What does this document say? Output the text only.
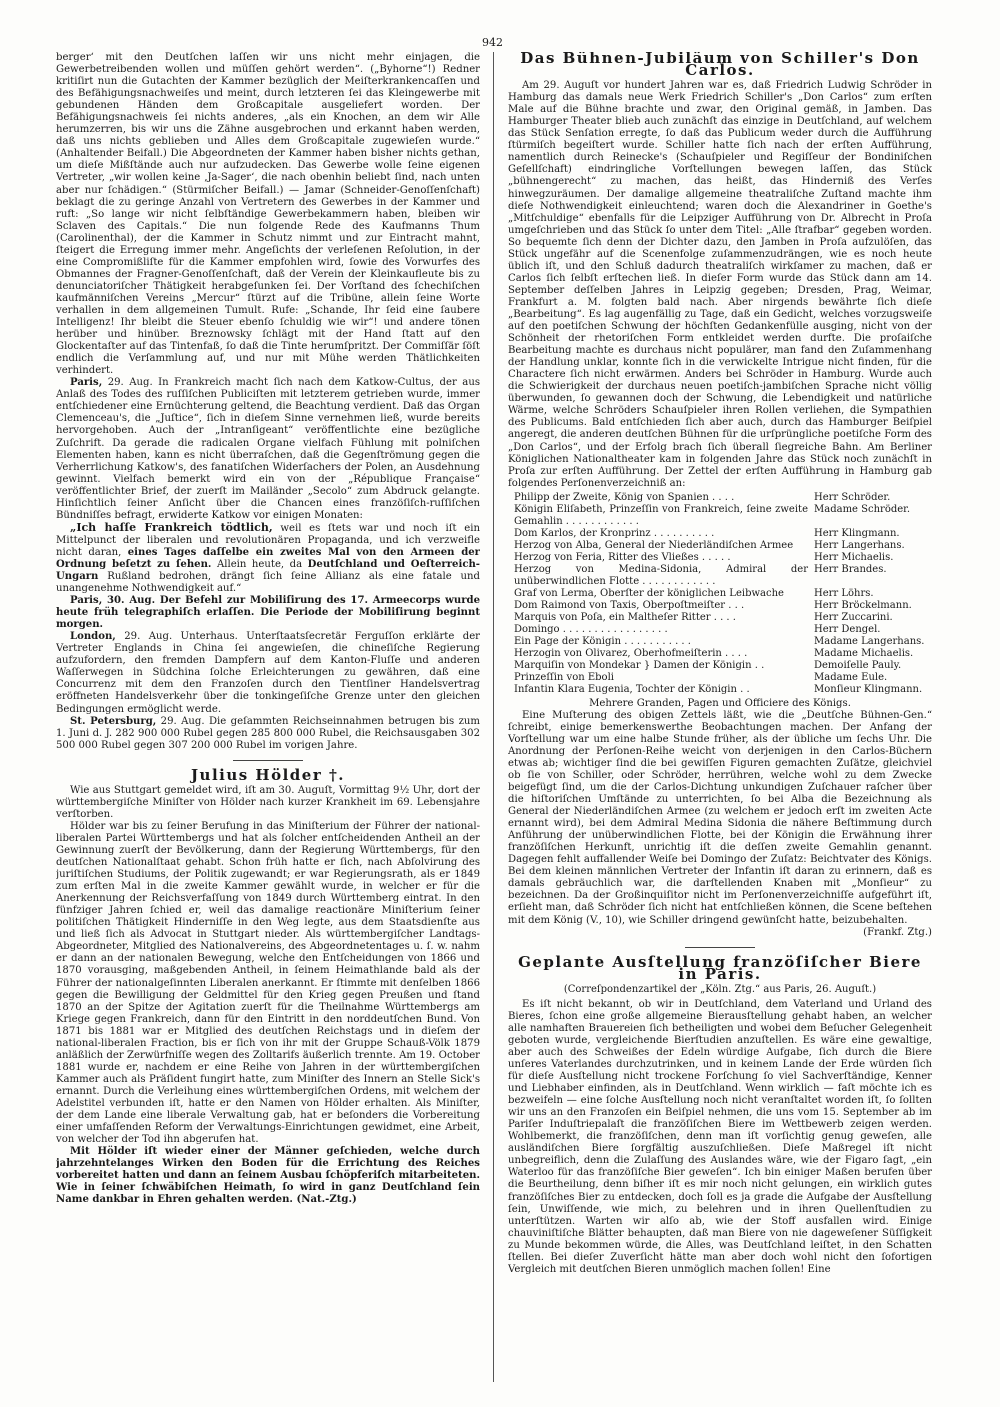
942

berger‘ mit den Deutſchen laſſen wir uns nicht mehr einjagen, die Gewerbetreibenden wollen und müſſen gehört werden“. („Byhorne“!) Redner kritiſirt nun die Gutachten der Kammer bezüglich der Meiſterkrankencaſſen und des Befähigungsnachweiſes und meint, durch letzteren ſei das Kleingewerbe mit gebundenen Händen dem Großcapitale ausgeliefert worden. Der Befähigungsnachweis ſei nichts anderes, „als ein Knochen, an dem wir Alle herumzerren, bis wir uns die Zähne ausgebrochen und erkannt haben werden, daß uns nichts geblieben und Alles dem Großcapitale zugewieſen wurde.“ (Anhaltender Beifall.) Die Abgeordneten der Kammer haben bisher nichts gethan, um dieſe Mißſtände auch nur aufzudecken. Das Gewerbe wolle ſeine eigenen Vertreter, „wir wollen keine ‚Ja-Sager‘, die nach obenhin beliebt ſind, nach unten aber nur ſchädigen.“ (Stürmiſcher Beifall.) — Jamar (Schneider-Genoſſenſchaft) beklagt die zu geringe Anzahl von Vertretern des Gewerbes in der Kammer und ruft: „So lange wir nicht ſelbſtändige Gewerbekammern haben, bleiben wir Sclaven des Capitals.“ Die nun folgende Rede des Kaufmanns Thum (Carolinenthal), der die Kammer in Schutz nimmt und zur Eintracht mahnt, ſteigert die Erregung immer mehr. Angeſichts der verleſenen Reſolution, in der eine Compromißliſte für die Kammer empfohlen wird, ſowie des Vorwurfes des Obmannes der Fragner-Genoſſenſchaft, daß der Verein der Kleinkaufleute bis zu denunciatoriſcher Thätigkeit herabgeſunken ſei. Der Vorſtand des ſchechiſchen kaufmänniſchen Vereins „Mercur“ ſtürzt auf die Tribüne, allein ſeine Worte verhallen in dem allgemeinen Tumult. Rufe: „Schande, Ihr ſeid eine ſaubere Intelligenz! Ihr bleibt die Steuer ebenſo ſchuldig wie wir“! und andere tönen herüber und hinüber. Breznowsky ſchlägt mit der Hand ſtatt auf den Glockentaſter auf das Tintenfaß, ſo daß die Tinte herumſpritzt. Der Commiſſär ſöſt endlich die Verſammlung auf, und nur mit Mühe werden Thätlichkeiten verhindert.

Paris, 29. Aug. In Frankreich macht ſich nach dem Katkow-Cultus, der aus Anlaß des Todes des ruſſiſchen Publiciſten mit letzterem getrieben wurde, immer entſchiedener eine Ernüchterung geltend, die Beachtung verdient. Daß das Organ Clemenceau's, die „Juſtice“, ſich in dieſem Sinne vernehmen ließ, wurde bereits hervorgehoben. Auch der „Intranſigeant“ veröffentlichte eine bezügliche Zuſchrift. Da gerade die radicalen Organe vielfach Fühlung mit polniſchen Elementen haben, kann es nicht überraſchen, daß die Gegenſtrömung gegen die Verherrlichung Katkow's, des fanatiſchen Widerſachers der Polen, an Ausdehnung gewinnt. Vielfach bemerkt wird ein von der „République Française“ veröffentlichter Brief, der zuerſt im Mailänder „Secolo“ zum Abdruck gelangte. Hinſichtlich ſeiner Anſicht über die Chancen eines franzöſiſch-ruſſiſchen Bündniſſes befragt, erwiderte Katkow vor einigen Monaten:

„Ich haſſe Frankreich tödtlich, weil es ſtets war und noch iſt ein Mittelpunct der liberalen und revolutionären Propaganda, und ich verzweifle nicht daran, eines Tages daſſelbe ein zweites Mal von den Armeen der Ordnung beſetzt zu ſehen. Allein heute, da Deutſchland und Oeſterreich-Ungarn Rußland bedrohen, drängt ſich ſeine Allianz als eine fatale und unangenehme Nothwendigkeit auf.“

Paris, 30. Aug. Der Befehl zur Mobiliſirung des 17. Armeecorps wurde heute früh telegraphiſch erlaſſen. Die Periode der Mobiliſirung beginnt morgen.

London, 29. Aug. Unterhaus. Unterſtaatsſecretär Ferguſſon erklärte der Vertreter Englands in China ſei angewieſen, die chineſiſche Regierung aufzufordern, den fremden Dampfern auf dem Kanton-Fluſſe und anderen Waſſerwegen in Südchina ſolche Erleichterungen zu gewähren, daß eine Concurrenz mit dem den Franzoſen durch den Tientſiner Handelsvertrag eröffneten Handelsverkehr über die tonkingeſiſche Grenze unter den gleichen Bedingungen ermöglicht werde.

St. Petersburg, 29. Aug. Die geſammten Reichseinnahmen betrugen bis zum 1. Juni d. J. 282 900 000 Rubel gegen 285 800 000 Rubel, die Reichsausgaben 302 500 000 Rubel gegen 307 200 000 Rubel im vorigen Jahre.

Julius Hölder †.

Wie aus Stuttgart gemeldet wird, iſt am 30. Auguſt, Vormittag 9½ Uhr, dort der württembergiſche Miniſter von Hölder nach kurzer Krankheit im 69. Lebensjahre verſtorben.

Hölder war bis zu ſeiner Berufung in das Miniſterium der Führer der national-liberalen Partei Württembergs und hat als ſolcher entſcheidenden Antheil an der Gewinnung zuerſt der Bevölkerung, dann der Regierung Württembergs, für den deutſchen Nationalſtaat gehabt. Schon früh hatte er ſich, nach Abſolvirung des juriſtiſchen Studiums, der Politik zugewandt; er war Regierungsrath, als er 1849 zum erſten Mal in die zweite Kammer gewählt wurde, in welcher er für die Anerkennung der Reichsverfaſſung von 1849 durch Württemberg eintrat. In den fünfziger Jahren ſchied er, weil das damalige reactionäre Miniſterium ſeiner politiſchen Thätigkeit Hinderniſſe in den Weg legte, aus dem Staatsdienſte aus und ließ ſich als Advocat in Stuttgart nieder. Als württembergiſcher Landtags-Abgeordneter, Mitglied des Nationalvereins, des Abgeordnetentages u. ſ. w. nahm er dann an der nationalen Bewegung, welche den Entſcheidungen von 1866 und 1870 vorausging, maßgebenden Antheil, in ſeinem Heimathlande bald als der Führer der nationalgeſinnten Liberalen anerkannt. Er ſtimmte mit denſelben 1866 gegen die Bewilligung der Geldmittel für den Krieg gegen Preußen und ſtand 1870 an der Spitze der Agitation zuerſt für die Theilnahme Württembergs am Kriege gegen Frankreich, dann für den Eintritt in den norddeutſchen Bund. Von 1871 bis 1881 war er Mitglied des deutſchen Reichstags und in dieſem der national-liberalen Fraction, bis er ſich von ihr mit der Gruppe Schauß-Völk 1879 anläßlich der Zerwürfniſſe wegen des Zolltarifs äußerlich trennte. Am 19. October 1881 wurde er, nachdem er eine Reihe von Jahren in der württembergiſchen Kammer auch als Präſident fungirt hatte, zum Miniſter des Innern an Stelle Sick's ernannt. Durch die Verleihung eines württembergiſchen Ordens, mit welchem der Adelstitel verbunden iſt, hatte er den Namen von Hölder erhalten. Als Miniſter, der dem Lande eine liberale Verwaltung gab, hat er beſonders die Vorbereitung einer umfaſſenden Reform der Verwaltungs-Einrichtungen gewidmet, eine Arbeit, von welcher der Tod ihn abgerufen hat.

Mit Hölder iſt wieder einer der Männer geſchieden, welche durch jahrzehntelanges Wirken den Boden für die Errichtung des Reiches vorbereitet hatten und dann an ſeinem Ausbau ſchöpferiſch mitarbeiteten. Wie in ſeiner ſchwäbiſchen Heimath, ſo wird in ganz Deutſchland ſein Name dankbar in Ehren gehalten werden. (Nat.-Ztg.)

Das Bühnen-Jubiläum von Schiller's Don Carlos.

Am 29. Auguſt vor hundert Jahren war es, daß Friedrich Ludwig Schröder in Hamburg das damals neue Werk Friedrich Schiller's „Don Carlos“ zum erſten Male auf die Bühne brachte und zwar, den Original gemäß, in Jamben. Das Hamburger Theater blieb auch zunächſt das einzige in Deutſchland, auf welchem das Stück Senſation erregte, ſo daß das Publicum weder durch die Aufführung ſtürmiſch begeiſtert wurde. Schiller hatte ſich nach der erſten Aufführung, namentlich durch Reinecke's (Schauſpieler und Regiſſeur der Bondiniſchen Geſellſchaft) eindringliche Vorſtellungen bewegen laſſen, das Stück „bühnengerecht“ zu machen, das heißt, das Hinderniß des Verſes hinwegzuräumen. Der damalige allgemeine theatraliſche Zuſtand machte ihm dieſe Nothwendigkeit einleuchtend; waren doch die Alexandriner in Goethe's „Mitſchuldige“ ebenfalls für die Leipziger Aufführung von Dr. Albrecht in Proſa umgeſchrieben und das Stück ſo unter dem Titel: „Alle ſtrafbar“ gegeben worden. So bequemte ſich denn der Dichter dazu, den Jamben in Proſa aufzulöſen, das Stück ungefähr auf die Scenenfolge zuſammenzudrängen, wie es noch heute üblich iſt, und den Schluß dadurch theatraliſch wirkſamer zu machen, daß er Carlos ſich ſelbſt erſtechen ließ. In dieſer Form wurde das Stück dann am 14. September deſſelben Jahres in Leipzig gegeben; Dresden, Prag, Weimar, Frankfurt a. M. folgten bald nach. Aber nirgends bewährte ſich dieſe „Bearbeitung“. Es lag augenfällig zu Tage, daß ein Gedicht, welches vorzugsweiſe auf den poetiſchen Schwung der höchſten Gedankenfülle ausging, nicht von der Schönheit der rhetoriſchen Form entkleidet werden durfte. Die proſaiſche Bearbeitung machte es durchaus nicht populärer, man fand den Zuſammenhang der Handlung unklar, konnte ſich in die verwickelte Intrigue nicht finden, für die Charactere ſich nicht erwärmen. Anders bei Schröder in Hamburg. Wurde auch die Schwierigkeit der durchaus neuen poetiſch-jambiſchen Sprache nicht völlig überwunden, ſo gewannen doch der Schwung, die Lebendigkeit und natürliche Wärme, welche Schröders Schauſpieler ihren Rollen verliehen, die Sympathien des Publicums. Bald entſchieden ſich aber auch, durch das Hamburger Beiſpiel angeregt, die anderen deutſchen Bühnen für die urſprüngliche poetiſche Form des „Don Carlos“, und der Erfolg brach ſich überall ſiegreiche Bahn. Am Berliner Königlichen Nationaltheater kam in folgenden Jahre das Stück noch zunächſt in Proſa zur erſten Aufführung. Der Zettel der erſten Aufführung in Hamburg gab folgendes Perſonenverzeichniß an:

Philipp der Zweite, König von Spanien . . . .	Herr Schröder.
Königin Eliſabeth, Prinzeſſin von Frankreich, ſeine zweite Gemahlin . . . . . . . . . . . .	Madame Schröder.
Dom Karlos, der Kronprinz . . . . . . . . . .	Herr Klingmann.
Herzog von Alba, General der Niederländiſchen Armee	Herr Langerhans.
Herzog von Feria, Ritter des Vließes . . . . .	Herr Michaelis.
Herzog von Medina-Sidonia, Admiral der unüberwindlichen Flotte . . . . . . . . . . . .	Herr Brandes.
Graf von Lerma, Oberſter der königlichen Leibwache	Herr Löhrs.
Dom Raimond von Taxis, Oberpoſtmeiſter . . .	Herr Bröckelmann.
Marquis von Poſa, ein Maltheſer Ritter . . . .	Herr Zuccarini.
Domingo . . . . . . . . . . . . . . . . .	Herr Dengel.
Ein Page der Königin . . . . . . . . . . .	Madame Langerhans.
Herzogin von Olivarez, Oberhofmeiſterin . . . .	Madame Michaelis.
Marquiſin von Mondekar } Damen der Königin . .	Demoiſelle Pauly.
Prinzeſſin von Eboli	Madame Eule.
Infantin Klara Eugenia, Tochter der Königin . .	Monſieur Klingmann.

Mehrere Granden, Pagen und Officiere des Königs.

Eine Muſterung des obigen Zettels läßt, wie die „Deutſche Bühnen-Gen.“ ſchreibt, einige bemerkenswerthe Beobachtungen machen. Der Anfang der Vorſtellung war um eine halbe Stunde früher, als der übliche um ſechs Uhr. Die Anordnung der Perſonen-Reihe weicht von derjenigen in den Carlos-Büchern etwas ab; wichtiger ſind die bei gewiſſen Figuren gemachten Zuſätze, gleichviel ob ſie von Schiller, oder Schröder, herrühren, welche wohl zu dem Zwecke beigefügt ſind, um die der Carlos-Dichtung unkundigen Zuſchauer raſcher über die hiſtoriſchen Umſtände zu unterrichten, ſo bei Alba die Bezeichnung als General der Niederländiſchen Armee (zu welchem er jedoch erſt im zweiten Acte ernannt wird), bei dem Admiral Medina Sidonia die nähere Beſtimmung durch Anführung der unüberwindlichen Flotte, bei der Königin die Erwähnung ihrer franzöſiſchen Herkunft, unrichtig iſt die deſſen zweite Gemahlin genannt. Dagegen fehlt auffallender Weiſe bei Domingo der Zuſatz: Beichtvater des Königs. Bei dem kleinen männlichen Vertreter der Infantin iſt daran zu erinnern, daß es damals gebräuchlich war, die darſtellenden Knaben mit „Monſieur“ zu bezeichnen. Da der Großinquiſitor nicht im Perſonenverzeichniſſe aufgeführt iſt, erſieht man, daß Schröder ſich nicht hat entſchließen können, die Scene beſtehen mit dem König (V., 10), wie Schiller dringend gewünſcht hatte, beizubehalten.

(Frankf. Ztg.)

Geplante Ausſtellung franzöſiſcher Biere in Paris.

(Correſpondenzartikel der „Köln. Ztg.“ aus Paris, 26. Auguſt.)

Es iſt nicht bekannt, ob wir in Deutſchland, dem Vaterland und Urland des Bieres, ſchon eine große allgemeine Bierausſtellung gehabt haben, an welcher alle namhaften Brauereien ſich betheiligten und wobei dem Beſucher Gelegenheit geboten wurde, vergleichende Bierſtudien anzuſtellen. Es wäre eine gewaltige, aber auch des Schweißes der Edeln würdige Aufgabe, ſich durch die Biere unſeres Vaterlandes durchzutrinken, und in keinem Lande der Erde würden ſich für dieſe Ausſtellung nicht trockene Forſchung ſo viel Sachverſtändige, Kenner und Liebhaber einfinden, als in Deutſchland. Wenn wirklich — faſt möchte ich es bezweifeln — eine ſolche Ausſtellung noch nicht veranſtaltet worden iſt, ſo ſollten wir uns an den Franzoſen ein Beiſpiel nehmen, die uns vom 15. September ab im Pariſer Induſtriepalaſt die franzöſiſchen Biere im Wettbewerb zeigen werden. Wohlbemerkt, die franzöſiſchen, denn man iſt vorſichtig genug geweſen, alle ausländiſchen Biere ſorgfältig auszuſchließen. Dieſe Maßregel iſt nicht unbegreiflich, denn die Zulaſſung des Auslandes wäre, wie der Figaro ſagt, „ein Waterloo für das franzöſiſche Bier geweſen“. Ich bin einiger Maßen berufen über die Beurtheilung, denn biſher iſt es mir noch nicht gelungen, ein wirklich gutes franzöſiſches Bier zu entdecken, doch ſoll es ja grade die Aufgabe der Ausſtellung ſein, Unwiſſende, wie mich, zu belehren und in ihren Quellenſtudien zu unterſtützen. Warten wir alſo ab, wie der Stoff ausfallen wird. Einige chauviniſtiſche Blätter behaupten, daß man Biere von nie dageweſener Süſſigkeit zu Munde bekommen würde, die Alles, was Deutſchland leiſtet, in den Schatten ſtellen. Bei dieſer Zuverſicht hätte man aber doch wohl nicht den ſofortigen Vergleich mit deutſchen Bieren unmöglich machen ſollen! Eine
